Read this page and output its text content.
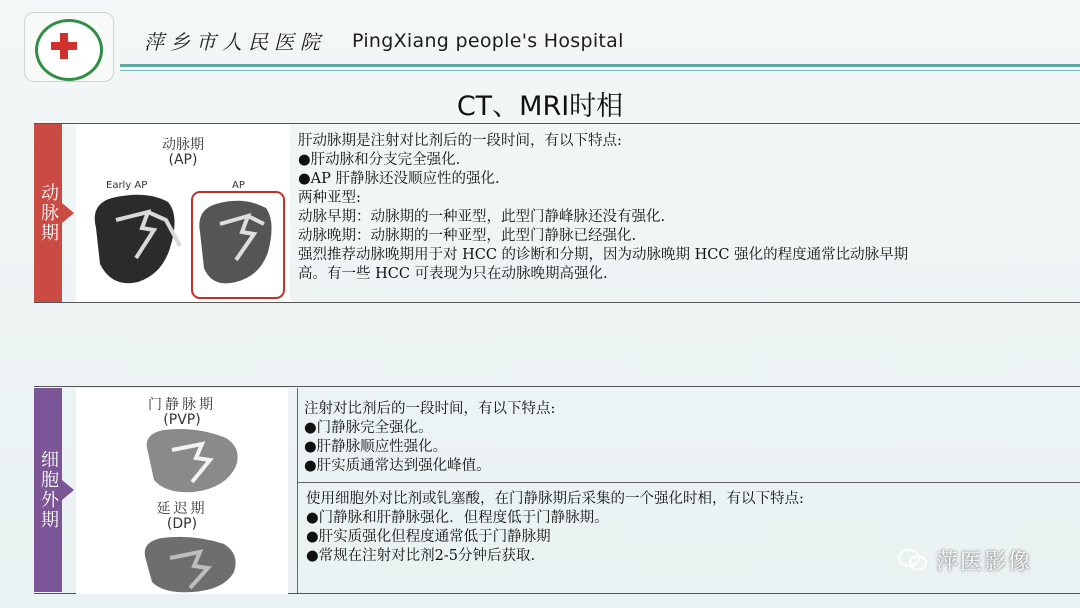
萍乡市人民医院 PingXiang people's Hospital
CT、MRI时相
动脉期
动脉期
(AP)
Early AP	AP
肝动脉期是注射对比剂后的一段时间，有以下特点:
●肝动脉和分支完全强化.
●AP 肝静脉还没顺应性的强化.
两种亚型:
动脉早期：动脉期的一种亚型，此型门静峰脉还没有强化.
动脉晚期：动脉期的一种亚型，此型门静脉已经强化.
强烈推荐动脉晚期用于对 HCC 的诊断和分期，因为动脉晚期 HCC 强化的程度通常比动脉早期
高。有一些 HCC 可表现为只在动脉晚期高强化.
细胞外期
门静脉期
(PVP)
延迟期
(DP)
注射对比剂后的一段时间，有以下特点:
●门静脉完全强化。
●肝静脉顺应性强化。
●肝实质通常达到强化峰值。
使用细胞外对比剂或钆塞酸，在门静脉期后采集的一个强化时相，有以下特点:
●门静脉和肝静脉强化．但程度低于门静脉期。
●肝实质强化但程度通常低于门静脉期
●常规在注射对比剂2-5分钟后获取.	萍医影像
